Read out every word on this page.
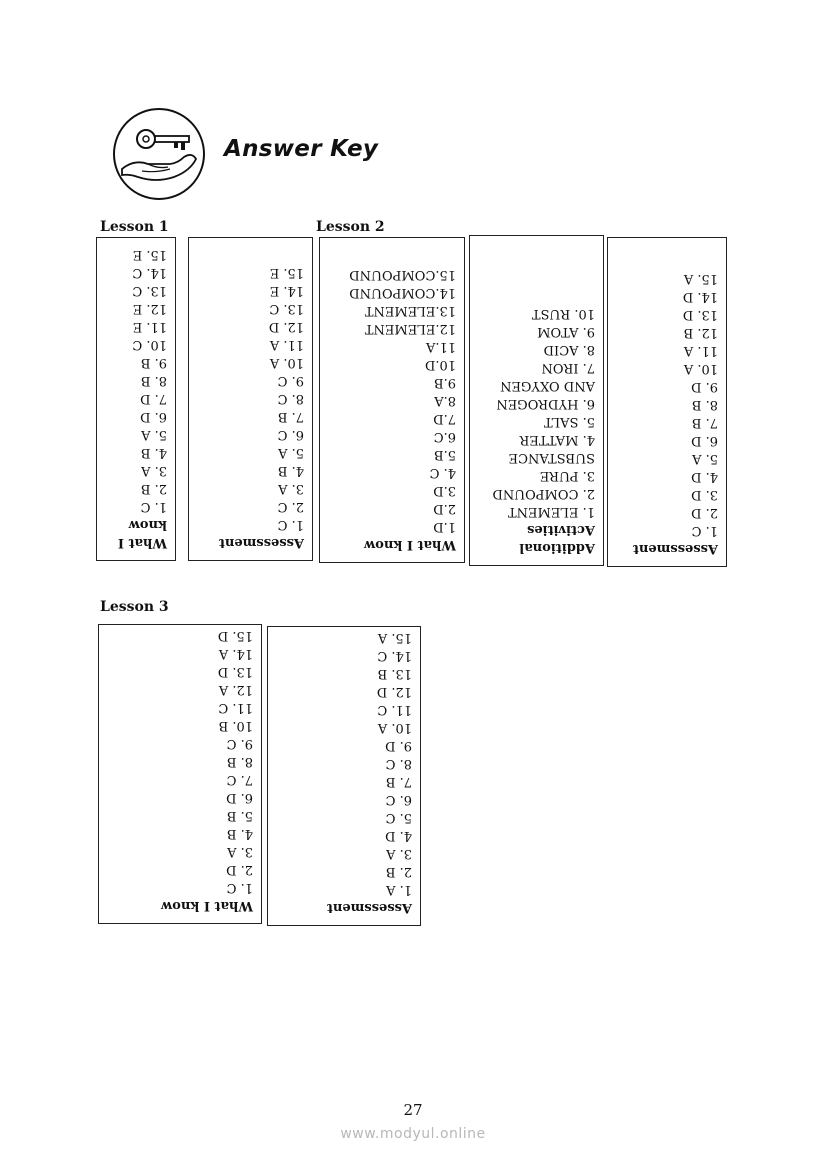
Answer Key
Lesson 1	Lesson 2
Lesson 3
What I
know
1. C
2. B
3. A
4. B
5. A
6. D
7. D
8. B
9. B
10. C
11. E
12. E
13. C
14. C
15. E
Assessment
1. C
2. C
3. A
4. B
5. A
6. C
7. B
8. C
9. C
10. A
11. A
12. D
13. C
14. E
15. E
What I know
1.D
2.D
3.D
4. C
5.B
6.C
7.D
8.A
9.B
10.D
11.A
12.ELEMENT
13.ELEMENT
14.COMPOUND
15.COMPOUND
Additional
Activities
1. ELEMENT
2. COMPOUND
3. PURE
SUBSTANCE
4. MATTER
5. SALT
6. HYDROGEN
AND OXYGEN
7. IRON
8. ACID
9. ATOM
10. RUST
Assessment
1. C
2. D
3. D
4. D
5. A
6. D
7. B
8. B
9. D
10. A
11. A
12. B
13. D
14. D
15. A
What I know
1. C
2. D
3. A
4. B
5. B
6. D
7. C
8. B
9. C
10. B
11. C
12. A
13. D
14. A
15. D
Assessment
1. A
2. B
3. A
4. D
5. C
6. C
7. B
8. C
9. D
10. A
11. C
12. D
13. B
14. C
15. A
27
www.modyul.online
